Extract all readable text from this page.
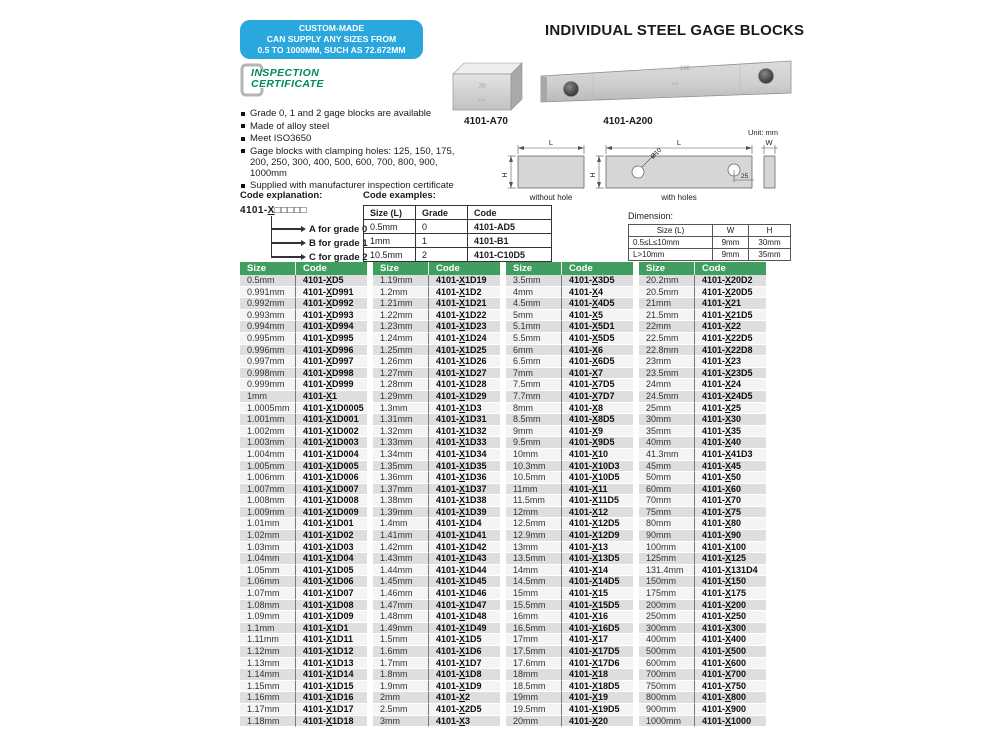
CUSTOM-MADE
CAN SUPPLY ANY SIZES FROM
0.5 TO 1000MM, SUCH AS 72.672MM
INSPECTION
CERTIFICATE
INDIVIDUAL STEEL GAGE BLOCKS
70
4101
4101-A70
200
4101
4101-A200
Grade 0, 1 and 2 gage blocks are available
Made of alloy steel
Meet ISO3650
Gage blocks with clamping holes: 125, 150, 175, 200, 250, 300, 400, 500, 600, 700, 800, 900, 1000mm
Supplied with manufacturer inspection certificate
Code explanation:
4101-X□□□□□
A for grade 0
B for grade 1
C for grade 2
Code examples:
Size (L)	Grade	Code
0.5mm	0	4101-AD5
1mm	1	4101-B1
10.5mm	2	4101-C10D5
Unit: mm
L
H
without hole
L
H
Ø10
25
with holes
W
Dimension:
Size (L)	W	H
0.5≤L≤10mm	9mm	30mm
L>10mm	9mm	35mm
Size	Code
0.5mm	4101-XD5
0.991mm	4101-XD991
0.992mm	4101-XD992
0.993mm	4101-XD993
0.994mm	4101-XD994
0.995mm	4101-XD995
0.996mm	4101-XD996
0.997mm	4101-XD997
0.998mm	4101-XD998
0.999mm	4101-XD999
1mm	4101-X1
1.0005mm	4101-X1D0005
1.001mm	4101-X1D001
1.002mm	4101-X1D002
1.003mm	4101-X1D003
1.004mm	4101-X1D004
1.005mm	4101-X1D005
1.006mm	4101-X1D006
1.007mm	4101-X1D007
1.008mm	4101-X1D008
1.009mm	4101-X1D009
1.01mm	4101-X1D01
1.02mm	4101-X1D02
1.03mm	4101-X1D03
1.04mm	4101-X1D04
1.05mm	4101-X1D05
1.06mm	4101-X1D06
1.07mm	4101-X1D07
1.08mm	4101-X1D08
1.09mm	4101-X1D09
1.1mm	4101-X1D1
1.11mm	4101-X1D11
1.12mm	4101-X1D12
1.13mm	4101-X1D13
1.14mm	4101-X1D14
1.15mm	4101-X1D15
1.16mm	4101-X1D16
1.17mm	4101-X1D17
1.18mm	4101-X1D18
Size	Code
1.19mm	4101-X1D19
1.2mm	4101-X1D2
1.21mm	4101-X1D21
1.22mm	4101-X1D22
1.23mm	4101-X1D23
1.24mm	4101-X1D24
1.25mm	4101-X1D25
1.26mm	4101-X1D26
1.27mm	4101-X1D27
1.28mm	4101-X1D28
1.29mm	4101-X1D29
1.3mm	4101-X1D3
1.31mm	4101-X1D31
1.32mm	4101-X1D32
1.33mm	4101-X1D33
1.34mm	4101-X1D34
1.35mm	4101-X1D35
1.36mm	4101-X1D36
1.37mm	4101-X1D37
1.38mm	4101-X1D38
1.39mm	4101-X1D39
1.4mm	4101-X1D4
1.41mm	4101-X1D41
1.42mm	4101-X1D42
1.43mm	4101-X1D43
1.44mm	4101-X1D44
1.45mm	4101-X1D45
1.46mm	4101-X1D46
1.47mm	4101-X1D47
1.48mm	4101-X1D48
1.49mm	4101-X1D49
1.5mm	4101-X1D5
1.6mm	4101-X1D6
1.7mm	4101-X1D7
1.8mm	4101-X1D8
1.9mm	4101-X1D9
2mm	4101-X2
2.5mm	4101-X2D5
3mm	4101-X3
Size	Code
3.5mm	4101-X3D5
4mm	4101-X4
4.5mm	4101-X4D5
5mm	4101-X5
5.1mm	4101-X5D1
5.5mm	4101-X5D5
6mm	4101-X6
6.5mm	4101-X6D5
7mm	4101-X7
7.5mm	4101-X7D5
7.7mm	4101-X7D7
8mm	4101-X8
8.5mm	4101-X8D5
9mm	4101-X9
9.5mm	4101-X9D5
10mm	4101-X10
10.3mm	4101-X10D3
10.5mm	4101-X10D5
11mm	4101-X11
11.5mm	4101-X11D5
12mm	4101-X12
12.5mm	4101-X12D5
12.9mm	4101-X12D9
13mm	4101-X13
13.5mm	4101-X13D5
14mm	4101-X14
14.5mm	4101-X14D5
15mm	4101-X15
15.5mm	4101-X15D5
16mm	4101-X16
16.5mm	4101-X16D5
17mm	4101-X17
17.5mm	4101-X17D5
17.6mm	4101-X17D6
18mm	4101-X18
18.5mm	4101-X18D5
19mm	4101-X19
19.5mm	4101-X19D5
20mm	4101-X20
Size	Code
20.2mm	4101-X20D2
20.5mm	4101-X20D5
21mm	4101-X21
21.5mm	4101-X21D5
22mm	4101-X22
22.5mm	4101-X22D5
22.8mm	4101-X22D8
23mm	4101-X23
23.5mm	4101-X23D5
24mm	4101-X24
24.5mm	4101-X24D5
25mm	4101-X25
30mm	4101-X30
35mm	4101-X35
40mm	4101-X40
41.3mm	4101-X41D3
45mm	4101-X45
50mm	4101-X50
60mm	4101-X60
70mm	4101-X70
75mm	4101-X75
80mm	4101-X80
90mm	4101-X90
100mm	4101-X100
125mm	4101-X125
131.4mm	4101-X131D4
150mm	4101-X150
175mm	4101-X175
200mm	4101-X200
250mm	4101-X250
300mm	4101-X300
400mm	4101-X400
500mm	4101-X500
600mm	4101-X600
700mm	4101-X700
750mm	4101-X750
800mm	4101-X800
900mm	4101-X900
1000mm	4101-X1000
